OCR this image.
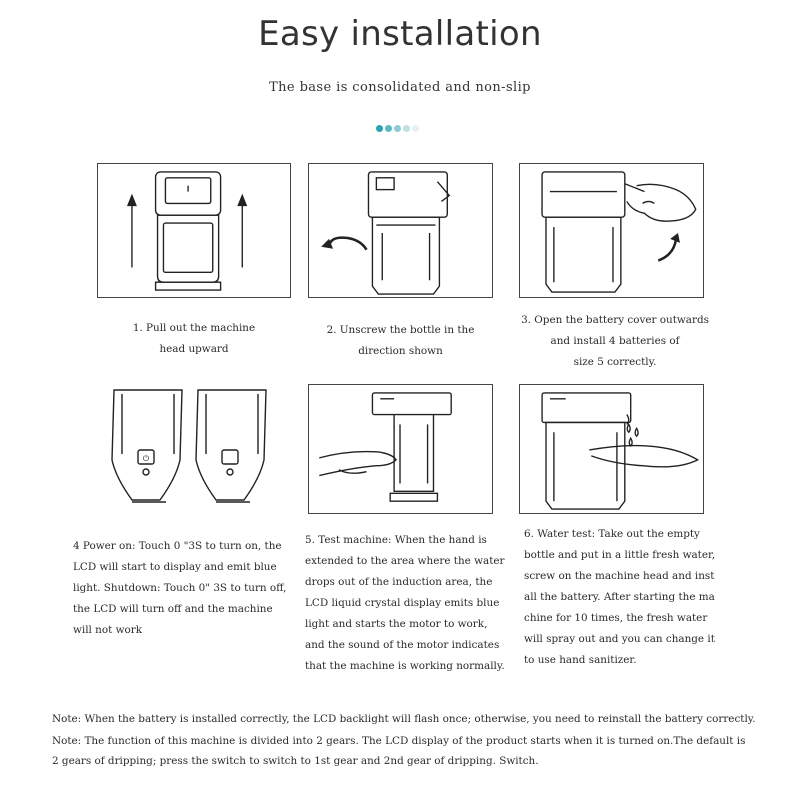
Easy installation
The base is consolidated and non-slip
⏻
1. Pull out the machine
head upward
2. Unscrew the bottle in the
direction shown
3. Open the battery cover outwards
and install 4 batteries of
size 5 correctly.
4 Power on: Touch 0 "3S to turn on, the
LCD will start to display and emit blue
light. Shutdown: Touch 0" 3S to turn off,
the LCD will turn off and the machine
will not work
5. Test machine: When the hand is
extended to the area where the water
drops out of the induction area, the
LCD liquid crystal display emits blue
light and starts the motor to work,
and the sound of the motor indicates
that the machine is working normally.
6. Water test: Take out the empty
bottle and put in a little fresh water,
screw on the machine head and inst
all the battery. After starting the ma
chine for 10 times, the fresh water
will spray out and you can change it
to use hand sanitizer.
Note: When the battery is installed correctly, the LCD backlight will flash once; otherwise, you need to reinstall the battery correctly.
Note: The function of this machine is divided into 2 gears. The LCD display of the product starts when it is turned on.The default is
2 gears of dripping; press the switch to switch to 1st gear and 2nd gear of dripping. Switch.
